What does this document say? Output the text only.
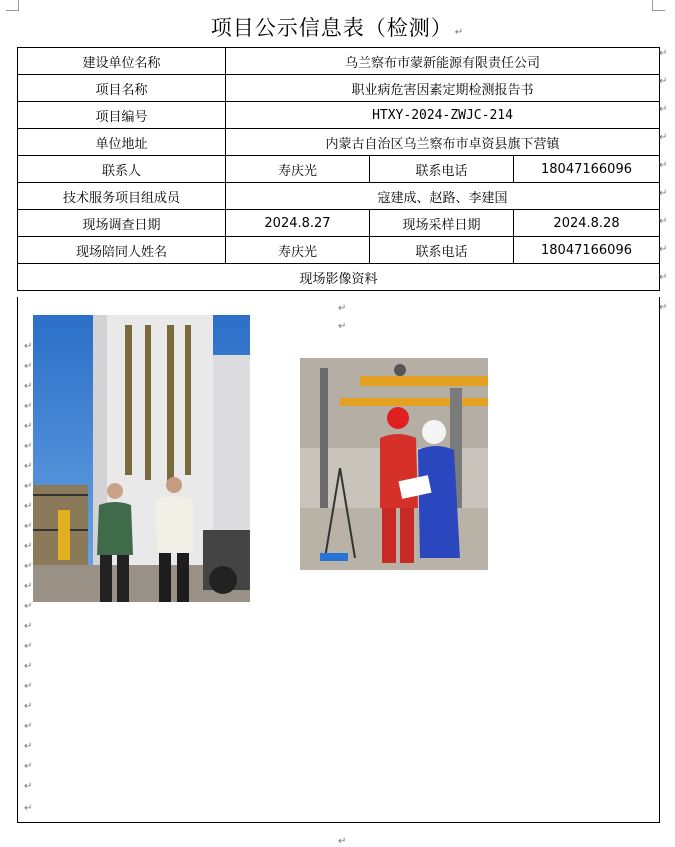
项目公示信息表（检测） ↵
建设单位名称	乌兰察布市蒙新能源有限责任公司		
项目名称	职业病危害因素定期检测报告书		
项目编号	HTXY-2024-ZWJC-214		
单位地址	内蒙古自治区乌兰察布市卓资县旗下营镇		
联系人	寿庆光	联系电话	18047166096
技术服务项目组成员	寇建成、赵路、李建国		
现场调查日期	2024.8.27	现场采样日期	2024.8.28
现场陪同人姓名	寿庆光	联系电话	18047166096
现场影像资料			
↵
↵
↵
↵
↵
↵
↵
↵
↵
↵
↵
↵
↵
↵
↵
↵
↵
↵
↵
↵
↵
↵
↵
↵
↵
↵
↵
↵
↵
↵
↵
↵
↵
↵
↵
↵
↵
